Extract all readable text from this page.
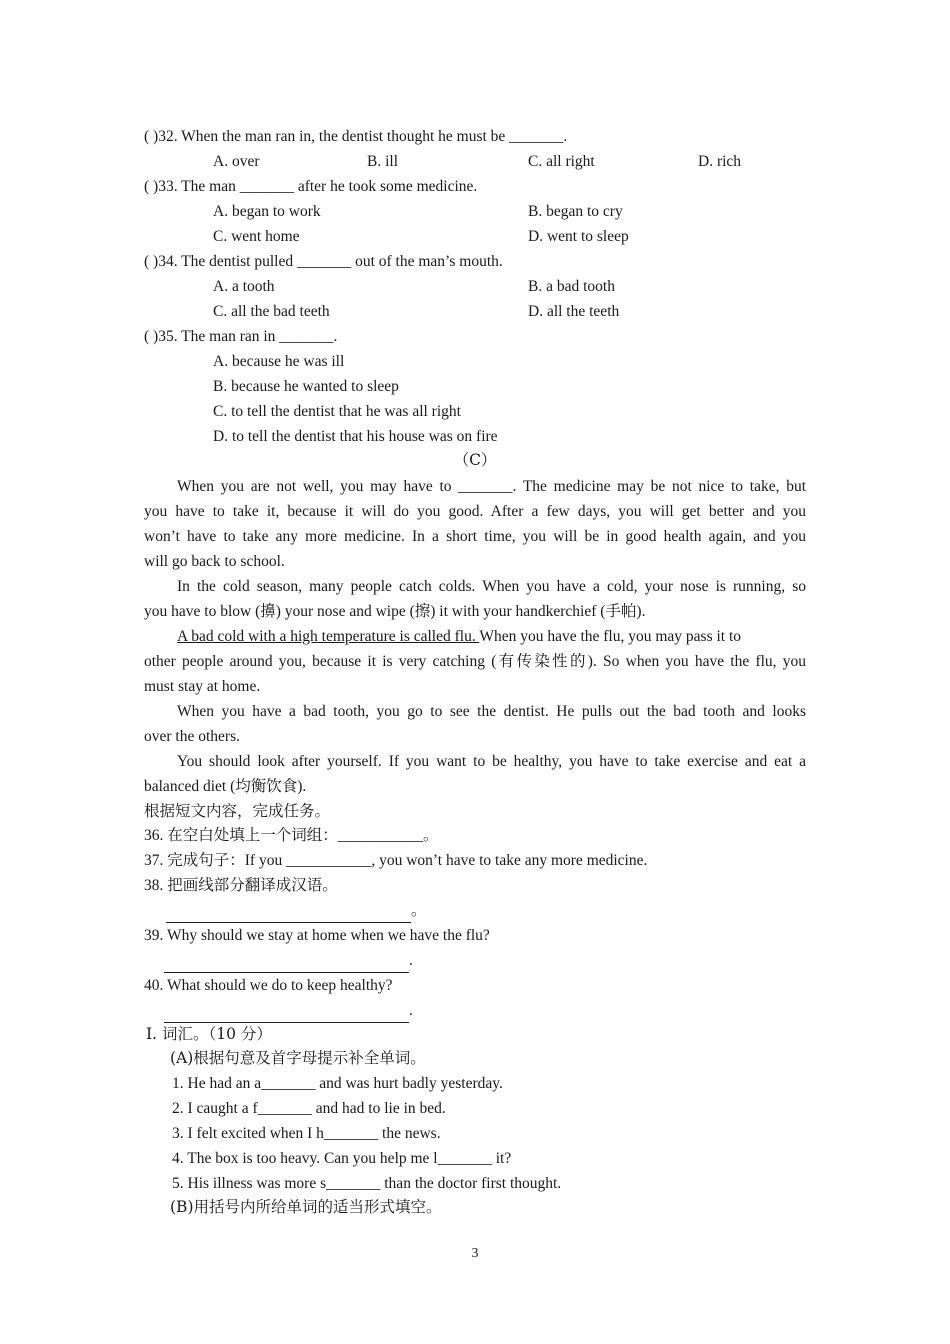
( )32. When the man ran in, the dentist thought he must be _______.
A. over	B. ill	C. all right	D. rich
( )33. The man _______ after he took some medicine.
A. began to work	B. began to cry
C. went home	D. went to sleep
( )34. The dentist pulled _______ out of the man’s mouth.
A. a tooth	B. a bad tooth
C. all the bad teeth	D. all the teeth
( )35. The man ran in _______.
A. because he was ill
B. because he wanted to sleep
C. to tell the dentist that he was all right
D. to tell the dentist that his house was on fire
（C）
When you are not well, you may have to _______. The medicine may be not nice to take, but
you have to take it, because it will do you good. After a few days, you will get better and you
won’t have to take any more medicine. In a short time, you will be in good health again, and you
will go back to school.
In the cold season, many people catch colds. When you have a cold, your nose is running, so
you have to blow (擤) your nose and wipe (擦) it with your handkerchief (手帕).
A bad cold with a high temperature is called flu. When you have the flu, you may pass it to
other people around you, because it is very catching (有传染性的). So when you have the flu, you
must stay at home.
When you have a bad tooth, you go to see the dentist. He pulls out the bad tooth and looks
over the others.
You should look after yourself. If you want to be healthy, you have to take exercise and eat a
balanced diet (均衡饮食).
根据短文内容，完成任务。
36. 在空白处填上一个词组：___________。
37. 完成句子：If you ___________, you won’t have to take any more medicine.
38. 把画线部分翻译成汉语。
。
39. Why should we stay at home when we have the flu?
.
40. What should we do to keep healthy?
.
Ⅰ. 词汇。（10 分）
(A)根据句意及首字母提示补全单词。
1. He had an a_______ and was hurt badly yesterday.
2. I caught a f_______ and had to lie in bed.
3. I felt excited when I h_______ the news.
4. The box is too heavy. Can you help me l_______ it?
5. His illness was more s_______ than the doctor first thought.
(B)用括号内所给单词的适当形式填空。
3
